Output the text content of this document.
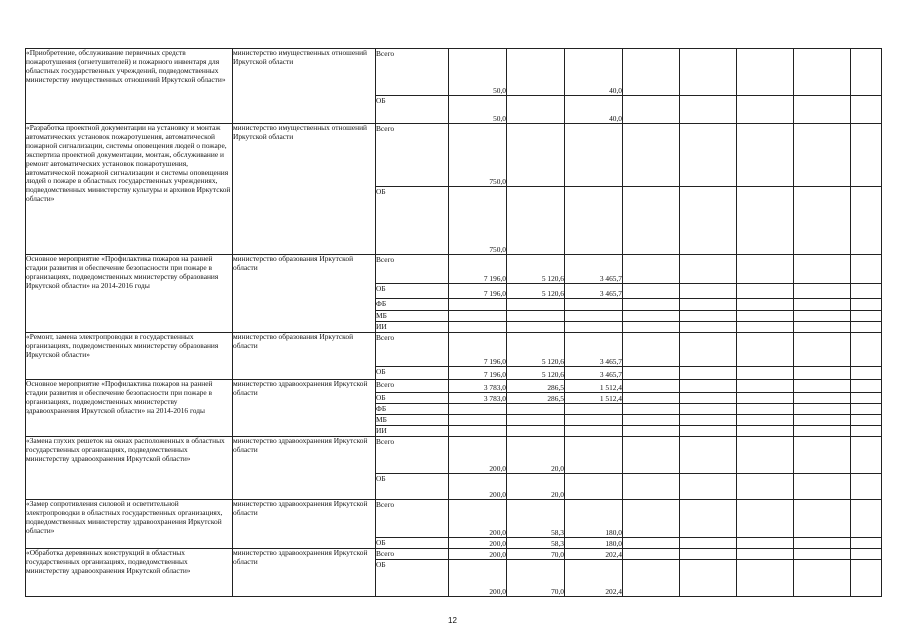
«Приобретение, обслуживание первичных средств пожаротушения (огнетушителей) и пожарного инвентаря для областных государственных учреждений, подведомственных министерству имущественных отношений Иркутской области»	министерство имущественных отношений Иркутской области	Всего	50,0		40,0					
		ОБ	50,0		40,0					
«Разработка проектной документации на установку и монтаж автоматических установок пожаротушения, автоматической пожарной сигнализации, системы оповещения людей о пожаре, экспертиза проектной документации, монтаж, обслуживание и ремонт автоматических установок пожаротушения, автоматической пожарной сигнализации и системы оповещения людей о пожаре в областных государственных учреждениях, подведомственных министерству культуры и архивов Иркутской области»	министерство имущественных отношений Иркутской области	Всего	750,0							
		ОБ	750,0							
Основное мероприятие «Профилактика пожаров на ранней стадии развития и обеспечение безопасности при пожаре в организациях, подведомственных министерству образования Иркутской области» на 2014-2016 годы	министерство образования Иркутской области	Всего	7 196,0	5 120,6	3 465,7					
		ОБ	7 196,0	5 120,6	3 465,7					
		ФБ								
		МБ								
		ИИ								
«Ремонт, замена электропроводки в государственных организациях, подведомственных министерству образования Иркутской области»	министерство образования Иркутской области	Всего	7 196,0	5 120,6	3 465,7					
		ОБ	7 196,0	5 120,6	3 465,7					
Основное мероприятие «Профилактика пожаров на ранней стадии развития и обеспечение безопасности при пожаре в организациях, подведомственных министерству здравоохранения Иркутской области» на 2014-2016 годы	министерство здравоохранения Иркутской области	Всего	3 783,0	286,5	1 512,4					
		ОБ	3 783,0	286,5	1 512,4					
		ФБ								
		МБ								
		ИИ								
«Замена глухих решеток на окнах расположенных в областных государственных организациях, подведомственных министерству здравоохранения Иркутской области»	министерство здравоохранения Иркутской области	Всего	200,0	20,0						
		ОБ	200,0	20,0						
«Замер сопротивления силовой и осветительной электропроводки в областных государственных организациях, подведомственных министерству здравоохранения Иркутской области»	министерство здравоохранения Иркутской области	Всего	200,0	58,3	180,0					
		ОБ	200,0	58,3	180,0					
«Обработка деревянных конструкций в областных государственных организациях, подведомственных министерству здравоохранения Иркутской области»	министерство здравоохранения Иркутской области	Всего	200,0	70,0	202,4					
		ОБ	200,0	70,0	202,4					
12
